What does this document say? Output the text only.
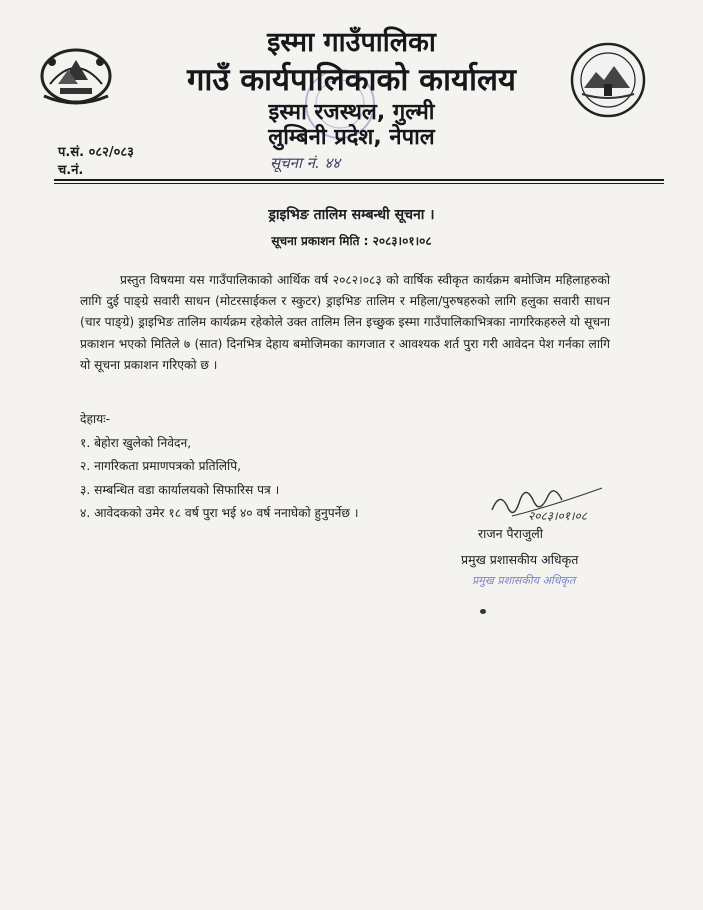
इस्मा गाउँपालिका
गाउँ कार्यपालिकाको कार्यालय
इस्मा रजस्थल, गुल्मी
लुम्बिनी प्रदेश, नेपाल
प.सं. ०८२/०८३
च.नं.	सूचना नं. ४४
ड्राइभिङ तालिम सम्बन्धी सूचना ।
सूचना प्रकाशन मिति : २०८३।०१।०८
प्रस्तुत विषयमा यस गाउँपालिकाको आर्थिक वर्ष २०८२।०८३ को वार्षिक स्वीकृत कार्यक्रम बमोजिम महिलाहरुको लागि दुई पाङ्ग्रे सवारी साधन (मोटरसाईकल र स्कुटर) ड्राइभिङ तालिम र महिला/पुरुषहरुको लागि हलुका सवारी साधन (चार पाङ्ग्रे) ड्राइभिङ तालिम कार्यक्रम रहेकोले उक्त तालिम लिन इच्छुक इस्मा गाउँपालिकाभित्रका नागरिकहरुले यो सूचना प्रकाशन भएको मितिले ७ (सात) दिनभित्र देहाय बमोजिमका कागजात र आवश्यक शर्त पुरा गरी आवेदन पेश गर्नका लागि यो सूचना प्रकाशन गरिएको छ ।
देहायः-
१. बेहोरा खुलेको निवेदन,
२. नागरिकता प्रमाणपत्रको प्रतिलिपि,
३. सम्बन्धित वडा कार्यालयको सिफारिस पत्र ।
४. आवेदकको उमेर १८ वर्ष पुरा भई ४० वर्ष ननाघेको हुनुपर्नेछ ।	२०८३।०१।०८
राजन पैराजुली
प्रमुख प्रशासकीय अधिकृत
प्रमुख प्रशासकीय अधिकृत
